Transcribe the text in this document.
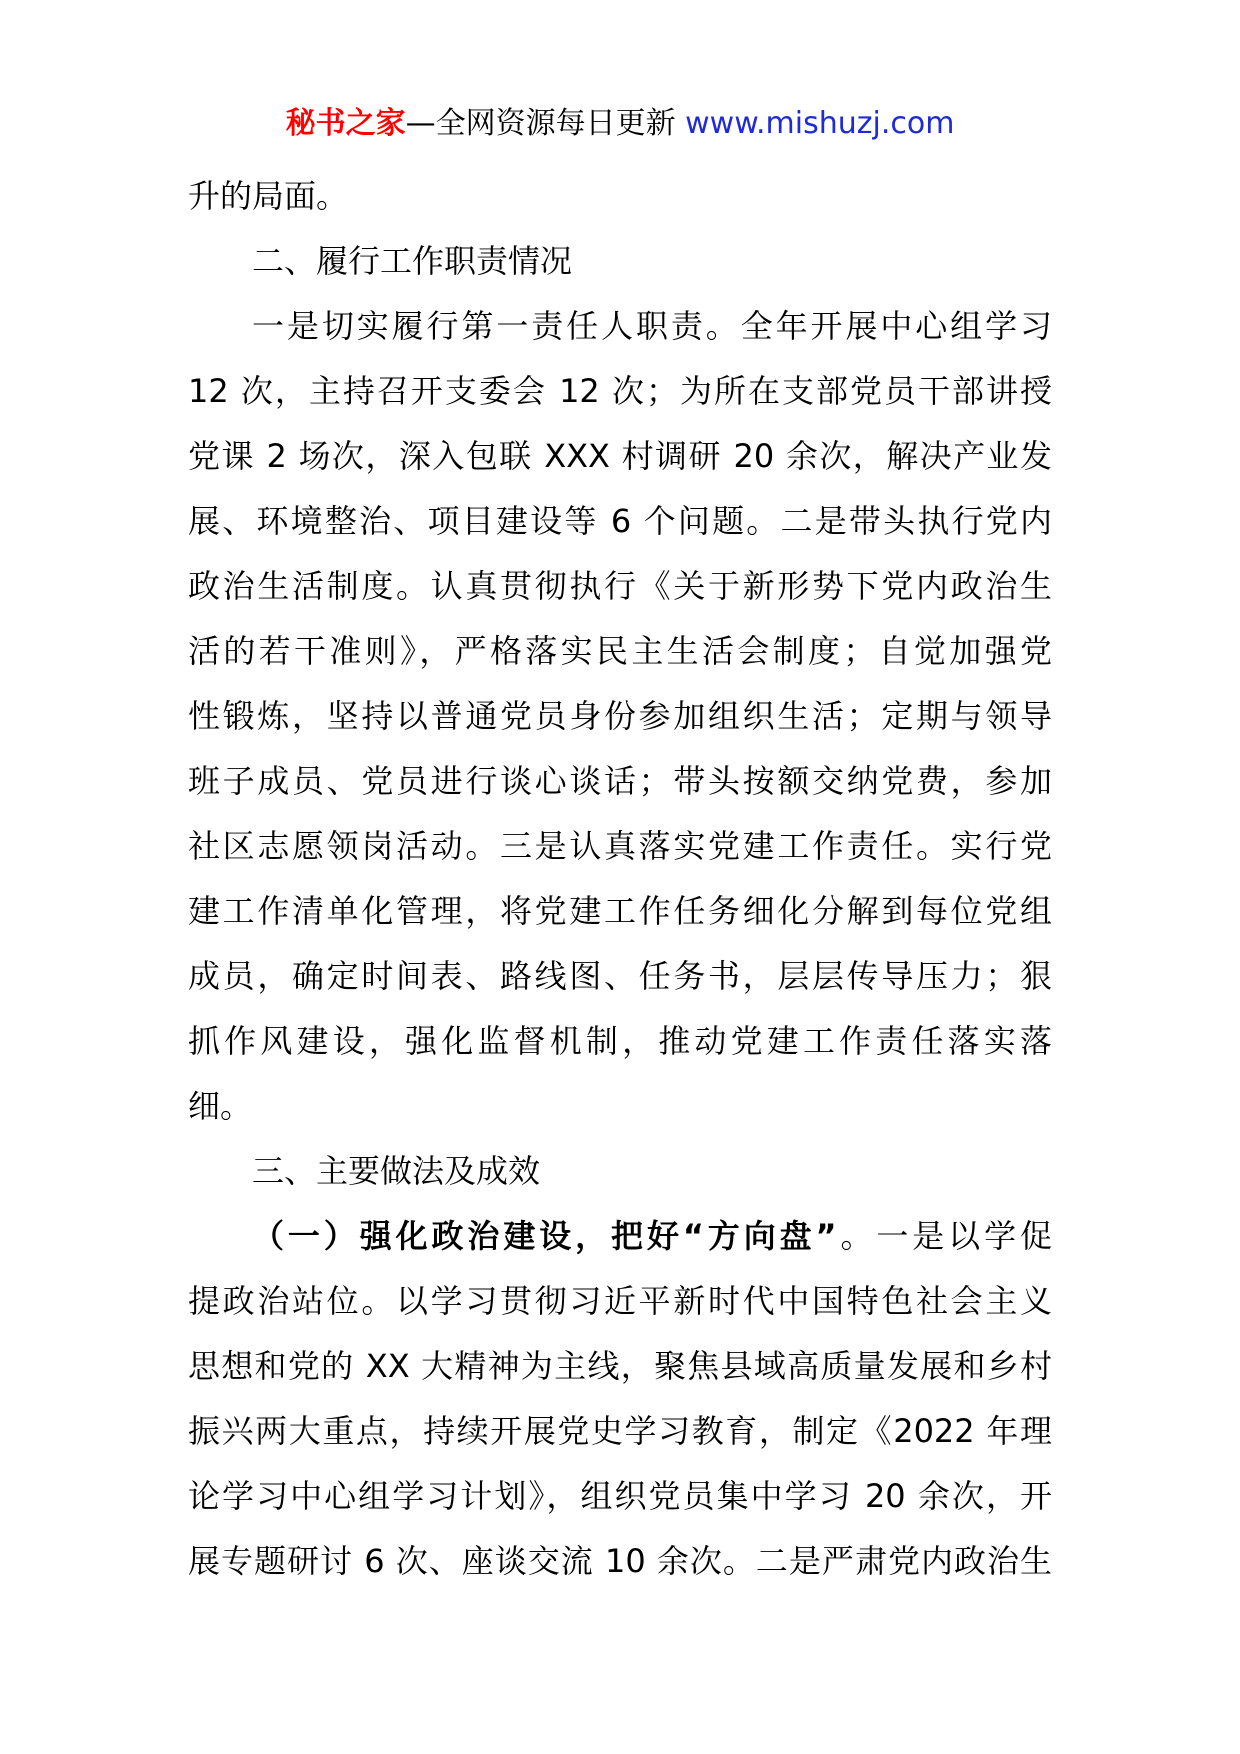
秘书之家—全网资源每日更新 www.mishuzj.com
升的局面。
二、履行工作职责情况
一是切实履行第一责任人职责。全年开展中心组学习
12 次，主持召开支委会 12 次；为所在支部党员干部讲授
党课 2 场次，深入包联 XXX 村调研 20 余次，解决产业发
展、环境整治、项目建设等 6 个问题。二是带头执行党内
政治生活制度。认真贯彻执行《关于新形势下党内政治生
活的若干准则》，严格落实民主生活会制度；自觉加强党
性锻炼，坚持以普通党员身份参加组织生活；定期与领导
班子成员、党员进行谈心谈话；带头按额交纳党费，参加
社区志愿领岗活动。三是认真落实党建工作责任。实行党
建工作清单化管理，将党建工作任务细化分解到每位党组
成员，确定时间表、路线图、任务书，层层传导压力；狠
抓作风建设，强化监督机制，推动党建工作责任落实落
细。
三、主要做法及成效
（一）强化政治建设，把好“方向盘”。一是以学促
提政治站位。以学习贯彻习近平新时代中国特色社会主义
思想和党的 XX 大精神为主线，聚焦县域高质量发展和乡村
振兴两大重点，持续开展党史学习教育，制定《2022 年理
论学习中心组学习计划》，组织党员集中学习 20 余次，开
展专题研讨 6 次、座谈交流 10 余次。二是严肃党内政治生
